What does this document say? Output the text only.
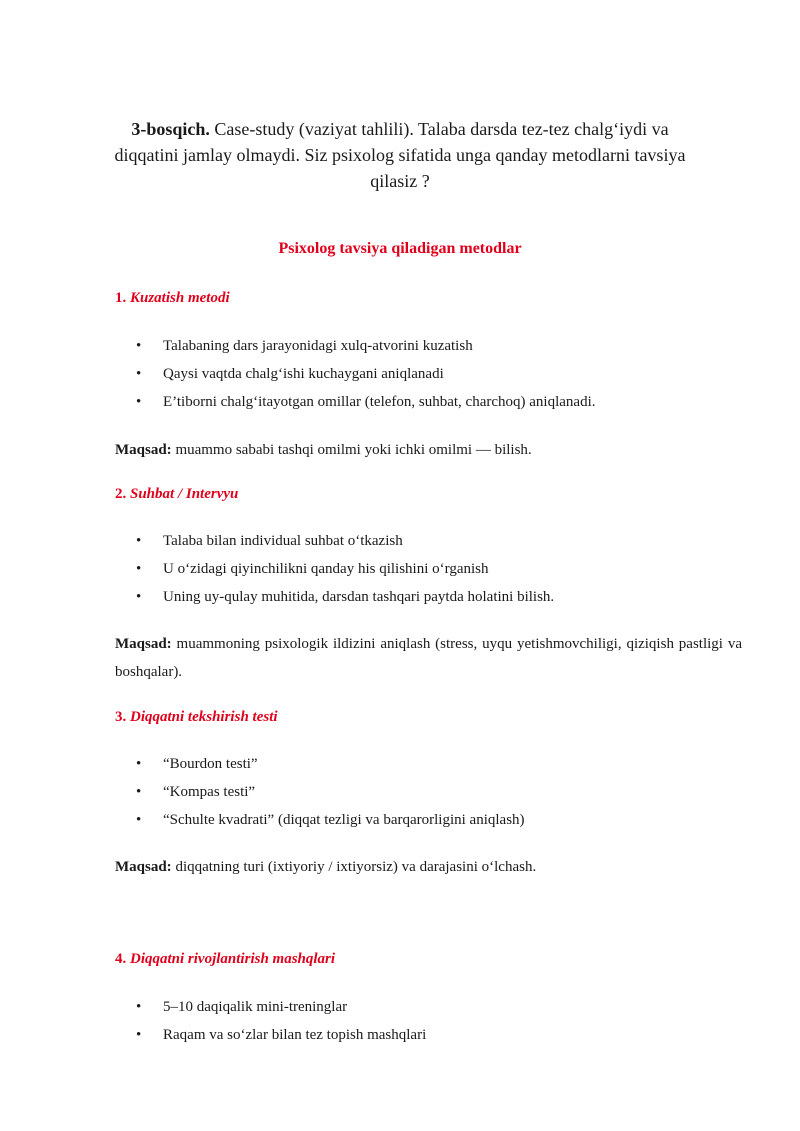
3-bosqich. Case-study (vaziyat tahlili). Talaba darsda tez-tez chalg‘iydi va diqqatini jamlay olmaydi. Siz psixolog sifatida unga qanday metodlarni tavsiya qilasiz ?
Psixolog tavsiya qiladigan metodlar
1. Kuzatish metodi
• Talabaning dars jarayonidagi xulq-atvorini kuzatish
• Qaysi vaqtda chalg‘ishi kuchaygani aniqlanadi
• E’tiborni chalg‘itayotgan omillar (telefon, suhbat, charchoq) aniqlanadi.
Maqsad: muammo sababi tashqi omilmi yoki ichki omilmi — bilish.
2. Suhbat / Intervyu
• Talaba bilan individual suhbat o‘tkazish
• U o‘zidagi qiyinchilikni qanday his qilishini o‘rganish
• Uning uy-qulay muhitida, darsdan tashqari paytda holatini bilish.
Maqsad: muammoning psixologik ildizini aniqlash (stress, uyqu yetishmovchiligi, qiziqish pastligi va boshqalar).
3. Diqqatni tekshirish testi
• “Bourdon testi”
• “Kompas testi”
• “Schulte kvadrati” (diqqat tezligi va barqarorligini aniqlash)
Maqsad: diqqatning turi (ixtiyoriy / ixtiyorsiz) va darajasini o‘lchash.
4. Diqqatni rivojlantirish mashqlari
• 5–10 daqiqalik mini-treninglar
• Raqam va so‘zlar bilan tez topish mashqlari
